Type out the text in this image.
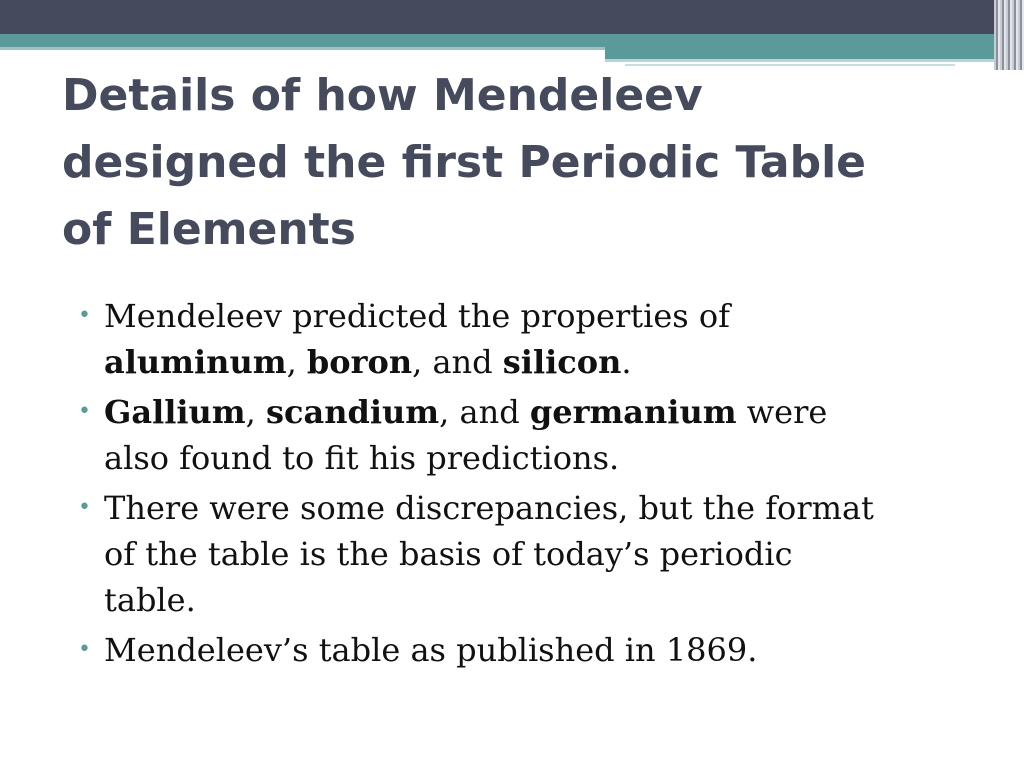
Details of how Mendeleev
designed the first Periodic Table
of Elements
• Mendeleev predicted the properties of
aluminum, boron, and silicon.
• Gallium, scandium, and germanium were
also found to fit his predictions.
• There were some discrepancies, but the format
of the table is the basis of today’s periodic
table.
• Mendeleev’s table as published in 1869.
